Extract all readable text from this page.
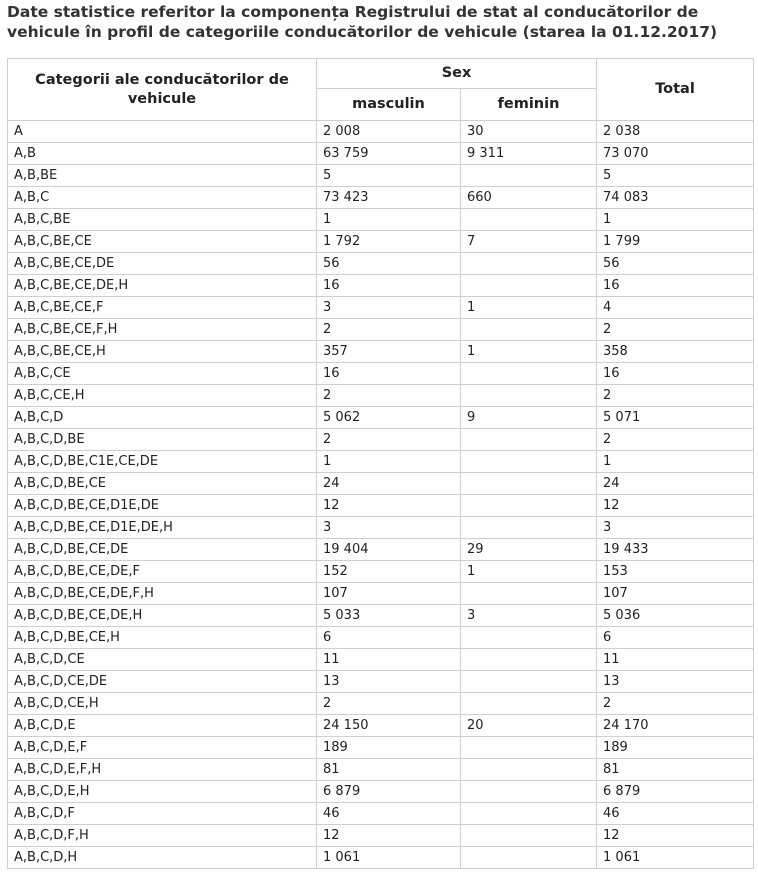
Date statistice referitor la componența Registrului de stat al conducătorilor de vehicule în profil de categoriile conducătorilor de vehicule (starea la 01.12.2017)
Categorii ale conducătorilor de vehicule	Sex		Total
	masculin	feminin	
A	2 008	30	2 038
A,B	63 759	9 311	73 070
A,B,BE	5		5
A,B,C	73 423	660	74 083
A,B,C,BE	1		1
A,B,C,BE,CE	1 792	7	1 799
A,B,C,BE,CE,DE	56		56
A,B,C,BE,CE,DE,H	16		16
A,B,C,BE,CE,F	3	1	4
A,B,C,BE,CE,F,H	2		2
A,B,C,BE,CE,H	357	1	358
A,B,C,CE	16		16
A,B,C,CE,H	2		2
A,B,C,D	5 062	9	5 071
A,B,C,D,BE	2		2
A,B,C,D,BE,C1E,CE,DE	1		1
A,B,C,D,BE,CE	24		24
A,B,C,D,BE,CE,D1E,DE	12		12
A,B,C,D,BE,CE,D1E,DE,H	3		3
A,B,C,D,BE,CE,DE	19 404	29	19 433
A,B,C,D,BE,CE,DE,F	152	1	153
A,B,C,D,BE,CE,DE,F,H	107		107
A,B,C,D,BE,CE,DE,H	5 033	3	5 036
A,B,C,D,BE,CE,H	6		6
A,B,C,D,CE	11		11
A,B,C,D,CE,DE	13		13
A,B,C,D,CE,H	2		2
A,B,C,D,E	24 150	20	24 170
A,B,C,D,E,F	189		189
A,B,C,D,E,F,H	81		81
A,B,C,D,E,H	6 879		6 879
A,B,C,D,F	46		46
A,B,C,D,F,H	12		12
A,B,C,D,H	1 061		1 061
